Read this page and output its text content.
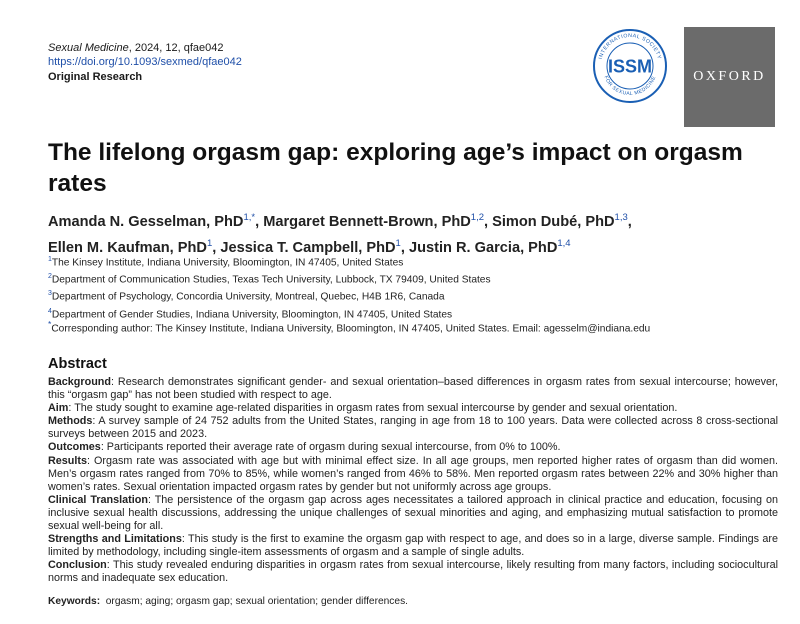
Sexual Medicine, 2024, 12, qfae042
https://doi.org/10.1093/sexmed/qfae042
Original Research
INTERNATIONAL SOCIETY
FOR SEXUAL MEDICINE
ISSM	OXFORD
The lifelong orgasm gap: exploring age’s impact on orgasm rates
Amanda N. Gesselman, PhD$^{1,*}$, Margaret Bennett-Brown, PhD$^{1,2}$, Simon Dubé, PhD$^{1,3}$,
Ellen M. Kaufman, PhD$^1$, Jessica T. Campbell, PhD$^1$, Justin R. Garcia, PhD$^{1,4}$
$^1$The Kinsey Institute, Indiana University, Bloomington, IN 47405, United States
$^2$Department of Communication Studies, Texas Tech University, Lubbock, TX 79409, United States
$^3$Department of Psychology, Concordia University, Montreal, Quebec, H4B 1R6, Canada
$^4$Department of Gender Studies, Indiana University, Bloomington, IN 47405, United States
*Corresponding author: The Kinsey Institute, Indiana University, Bloomington, IN 47405, United States. Email: agesselm@indiana.edu
Abstract

Background: Research demonstrates significant gender- and sexual orientation–based differences in orgasm rates from sexual intercourse; however, this “orgasm gap” has not been studied with respect to age.

Aim: The study sought to examine age-related disparities in orgasm rates from sexual intercourse by gender and sexual orientation.

Methods: A survey sample of 24 752 adults from the United States, ranging in age from 18 to 100 years. Data were collected across 8 cross-sectional surveys between 2015 and 2023.

Outcomes: Participants reported their average rate of orgasm during sexual intercourse, from 0% to 100%.

Results: Orgasm rate was associated with age but with minimal effect size. In all age groups, men reported higher rates of orgasm than did women. Men’s orgasm rates ranged from 70% to 85%, while women’s ranged from 46% to 58%. Men reported orgasm rates between 22% and 30% higher than women’s rates. Sexual orientation impacted orgasm rates by gender but not uniformly across age groups.

Clinical Translation: The persistence of the orgasm gap across ages necessitates a tailored approach in clinical practice and education, focusing on inclusive sexual health discussions, addressing the unique challenges of sexual minorities and aging, and emphasizing mutual satisfaction to promote sexual well-being for all.

Strengths and Limitations: This study is the first to examine the orgasm gap with respect to age, and does so in a large, diverse sample. Findings are limited by methodology, including single-item assessments of orgasm and a sample of single adults.

Conclusion: This study revealed enduring disparities in orgasm rates from sexual intercourse, likely resulting from many factors, including sociocultural norms and inadequate sex education.

Keywords: orgasm; aging; orgasm gap; sexual orientation; gender differences.
